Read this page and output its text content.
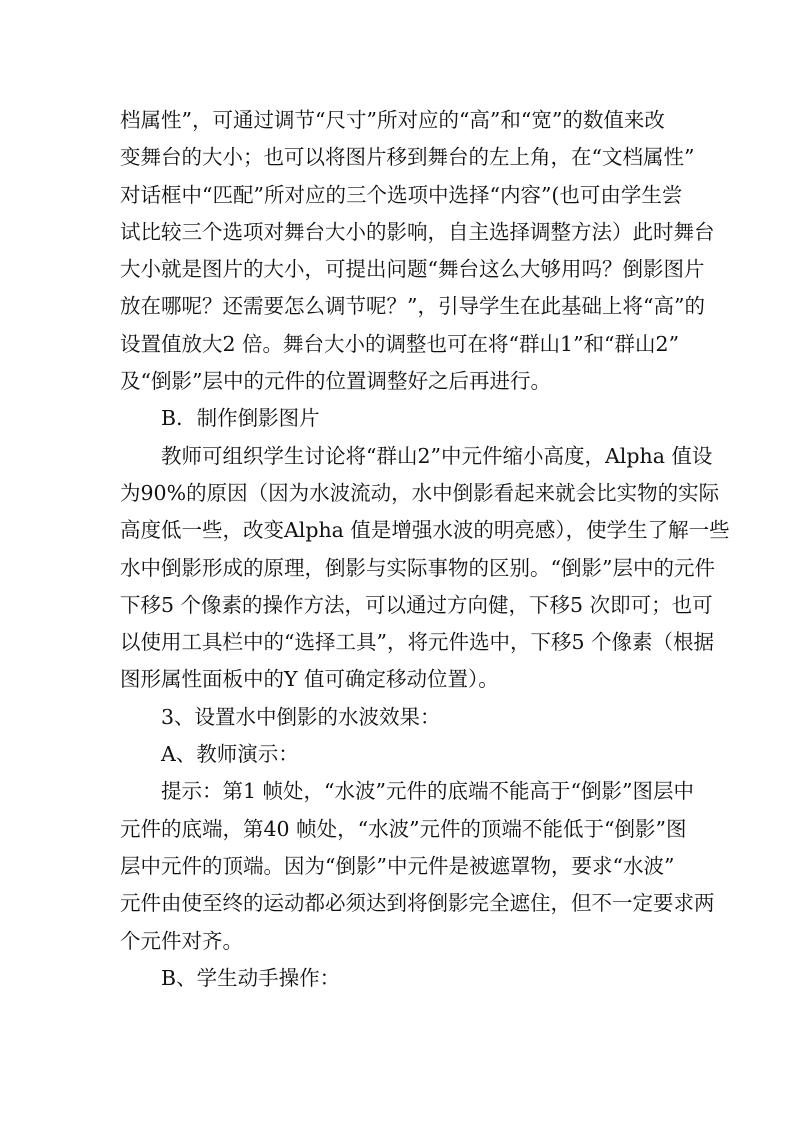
档属性”，可通过调节“尺寸”所对应的“高”和“宽”的数值来改
变舞台的大小；也可以将图片移到舞台的左上角，在“文档属性”
对话框中“匹配”所对应的三个选项中选择“内容”(也可由学生尝
试比较三个选项对舞台大小的影响，自主选择调整方法）此时舞台
大小就是图片的大小，可提出问题“舞台这么大够用吗？倒影图片
放在哪呢？还需要怎么调节呢？”，引导学生在此基础上将“高”的
设置值放大2 倍。舞台大小的调整也可在将“群山1”和“群山2”
及“倒影”层中的元件的位置调整好之后再进行。
B．制作倒影图片
教师可组织学生讨论将“群山2”中元件缩小高度，Alpha 值设
为90%的原因（因为水波流动，水中倒影看起来就会比实物的实际
高度低一些，改变Alpha 值是增强水波的明亮感），使学生了解一些
水中倒影形成的原理，倒影与实际事物的区别。“倒影”层中的元件
下移5 个像素的操作方法，可以通过方向健，下移5 次即可；也可
以使用工具栏中的“选择工具”，将元件选中，下移5 个像素（根据
图形属性面板中的Y 值可确定移动位置）。
3、设置水中倒影的水波效果：
A、教师演示：
提示：第1 帧处，“水波”元件的底端不能高于“倒影”图层中
元件的底端，第40 帧处，“水波”元件的顶端不能低于“倒影”图
层中元件的顶端。因为“倒影”中元件是被遮罩物，要求“水波”
元件由使至终的运动都必须达到将倒影完全遮住，但不一定要求两
个元件对齐。
B、学生动手操作：
